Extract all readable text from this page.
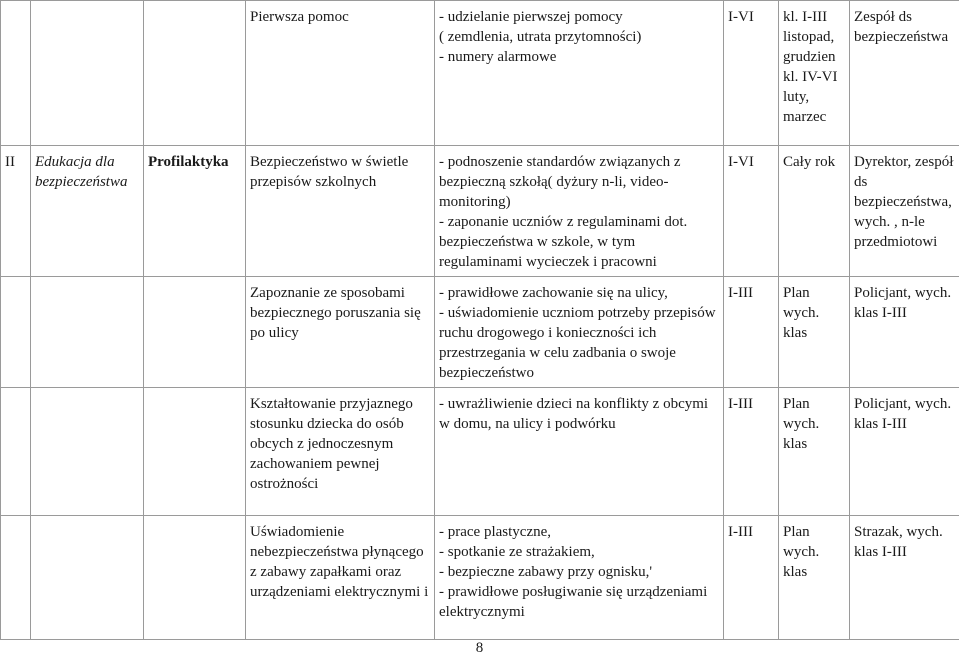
			Pierwsza pomoc	- udzielanie pierwszej pomocy
( zemdlenia, utrata przytomności)
- numery alarmowe	I-VI	kl. I-III listopad, grudzien kl. IV-VI luty, marzec	Zespół ds bezpieczeństwa
II	Edukacja dla bezpieczeństwa	Profilaktyka	Bezpieczeństwo w świetle przepisów szkolnych	- podnoszenie standardów związanych z bezpieczną szkołą( dyżury n-li, video-monitoring)
- zaponanie uczniów z regulaminami dot. bezpieczeństwa w szkole, w tym regulaminami wycieczek i pracowni	I-VI	Cały rok	Dyrektor, zespół ds bezpieczeństwa, wych. , n-le przedmiotowi
			Zapoznanie ze sposobami bezpiecznego poruszania się po ulicy	- prawidłowe zachowanie się na ulicy,
- uświadomienie uczniom potrzeby przepisów ruchu drogowego i konieczności ich przestrzegania w celu zadbania o swoje bezpieczeństwo	I-III	Plan wych. klas	Policjant, wych. klas I-III
			Kształtowanie przyjaznego stosunku dziecka do osób obcych z jednoczesnym zachowaniem pewnej ostrożności	- uwrażliwienie dzieci na konflikty z obcymi w domu, na ulicy i podwórku	I-III	Plan wych. klas	Policjant, wych. klas I-III
			Uświadomienie nebezpieczeństwa płynącego z zabawy zapałkami oraz urządzeniami elektrycznymi i	- prace plastyczne,
- spotkanie ze strażakiem,
- bezpieczne zabawy przy ognisku,'
- prawidłowe posługiwanie się urządzeniami elektrycznymi	I-III	Plan wych. klas	Strazak, wych. klas I-III
8
